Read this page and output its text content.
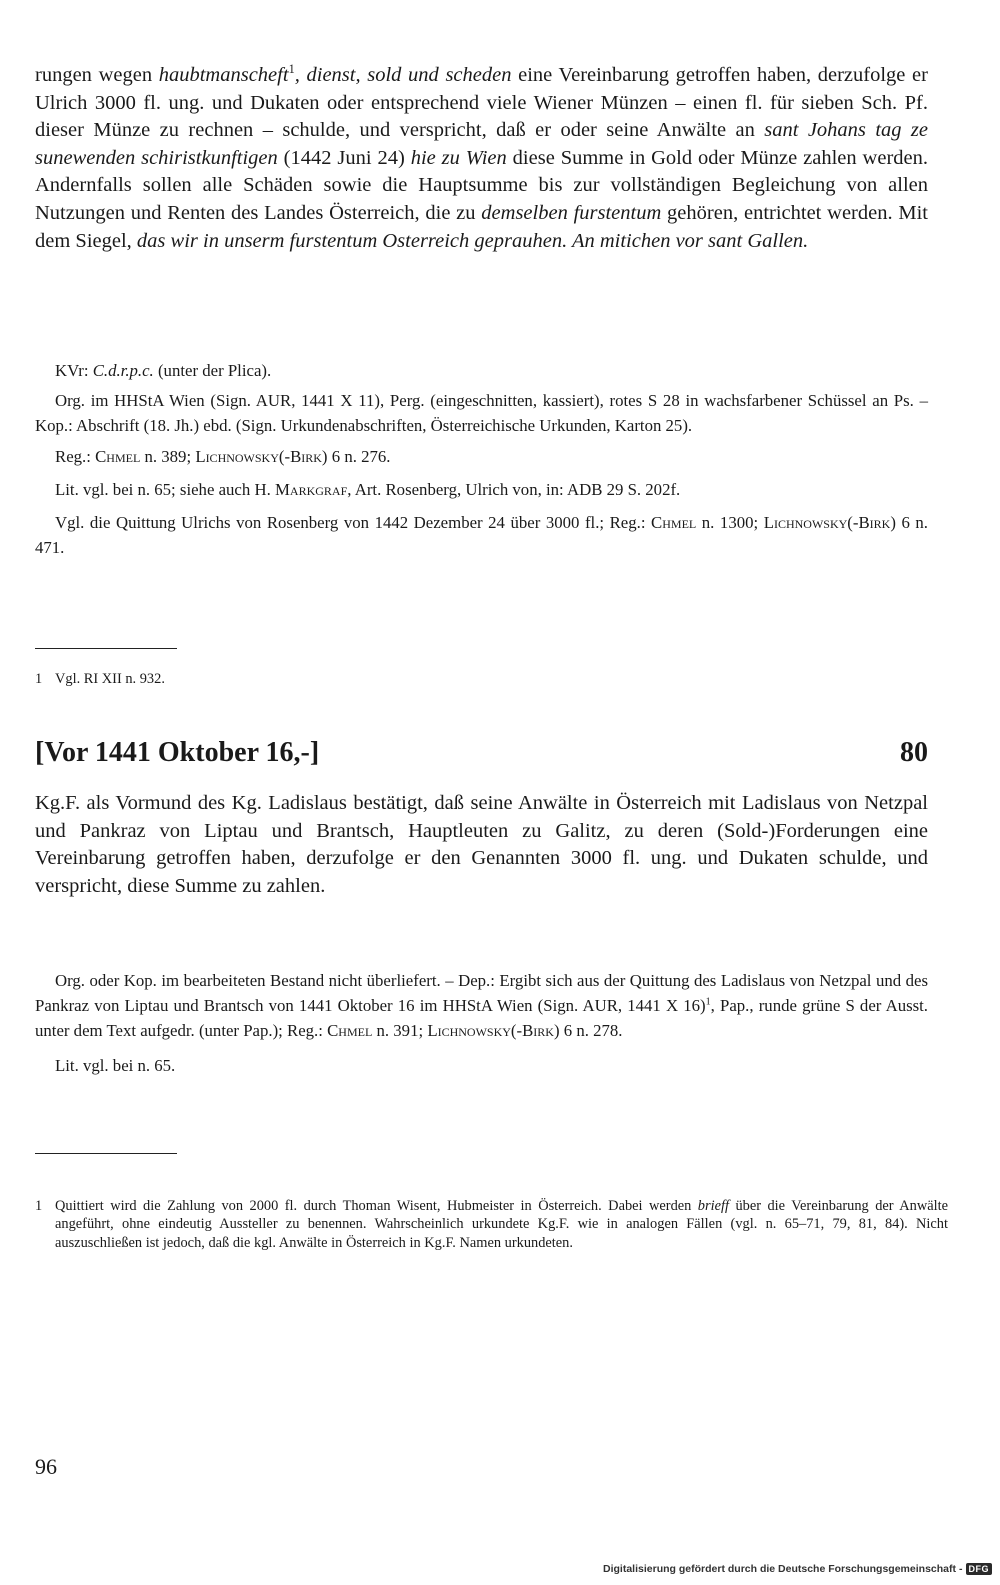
rungen wegen haubtmanscheft$^1$, dienst, sold und scheden eine Vereinbarung getroffen haben, derzufolge er Ulrich 3000 fl. ung. und Dukaten oder entsprechend viele Wiener Münzen – einen fl. für sieben Sch. Pf. dieser Münze zu rechnen – schulde, und verspricht, daß er oder seine Anwälte an sant Johans tag ze sunewenden schiristkunftigen (1442 Juni 24) hie zu Wien diese Summe in Gold oder Münze zahlen werden. Andernfalls sollen alle Schäden sowie die Hauptsumme bis zur vollständigen Begleichung von allen Nutzungen und Renten des Landes Österreich, die zu demselben furstentum gehören, entrichtet werden. Mit dem Siegel, das wir in unserm furstentum Osterreich geprauhen. An mitichen vor sant Gallen.

KVr: C.d.r.p.c. (unter der Plica).

Org. im HHStA Wien (Sign. AUR, 1441 X 11), Perg. (eingeschnitten, kassiert), rotes S 28 in wachsfarbener Schüssel an Ps. – Kop.: Abschrift (18. Jh.) ebd. (Sign. Urkundenabschriften, Österreichische Urkunden, Karton 25).

Reg.: Chmel n. 389; Lichnowsky(-Birk) 6 n. 276.

Lit. vgl. bei n. 65; siehe auch H. Markgraf, Art. Rosenberg, Ulrich von, in: ADB 29 S. 202f.

Vgl. die Quittung Ulrichs von Rosenberg von 1442 Dezember 24 über 3000 fl.; Reg.: Chmel n. 1300; Lichnowsky(-Birk) 6 n. 471.

1 Vgl. RI XII n. 932.
[Vor 1441 Oktober 16,-]	80

Kg.F. als Vormund des Kg. Ladislaus bestätigt, daß seine Anwälte in Österreich mit Ladislaus von Netzpal und Pankraz von Liptau und Brantsch, Hauptleuten zu Galitz, zu deren (Sold-)Forderungen eine Vereinbarung getroffen haben, derzufolge er den Genannten 3000 fl. ung. und Dukaten schulde, und verspricht, diese Summe zu zahlen.

Org. oder Kop. im bearbeiteten Bestand nicht überliefert. – Dep.: Ergibt sich aus der Quittung des Ladislaus von Netzpal und des Pankraz von Liptau und Brantsch von 1441 Oktober 16 im HHStA Wien (Sign. AUR, 1441 X 16)$^1$, Pap., runde grüne S der Ausst. unter dem Text aufgedr. (unter Pap.); Reg.: Chmel n. 391; Lichnowsky(-Birk) 6 n. 278.

Lit. vgl. bei n. 65.

1 Quittiert wird die Zahlung von 2000 fl. durch Thoman Wisent, Hubmeister in Österreich. Dabei werden brieff über die Vereinbarung der Anwälte angeführt, ohne eindeutig Aussteller zu benennen. Wahrscheinlich urkundete Kg.F. wie in analogen Fällen (vgl. n. 65–71, 79, 81, 84). Nicht auszuschließen ist jedoch, daß die kgl. Anwälte in Österreich in Kg.F. Namen urkundeten.
96
Digitalisierung gefördert durch die Deutsche Forschungsgemeinschaft - DFG
